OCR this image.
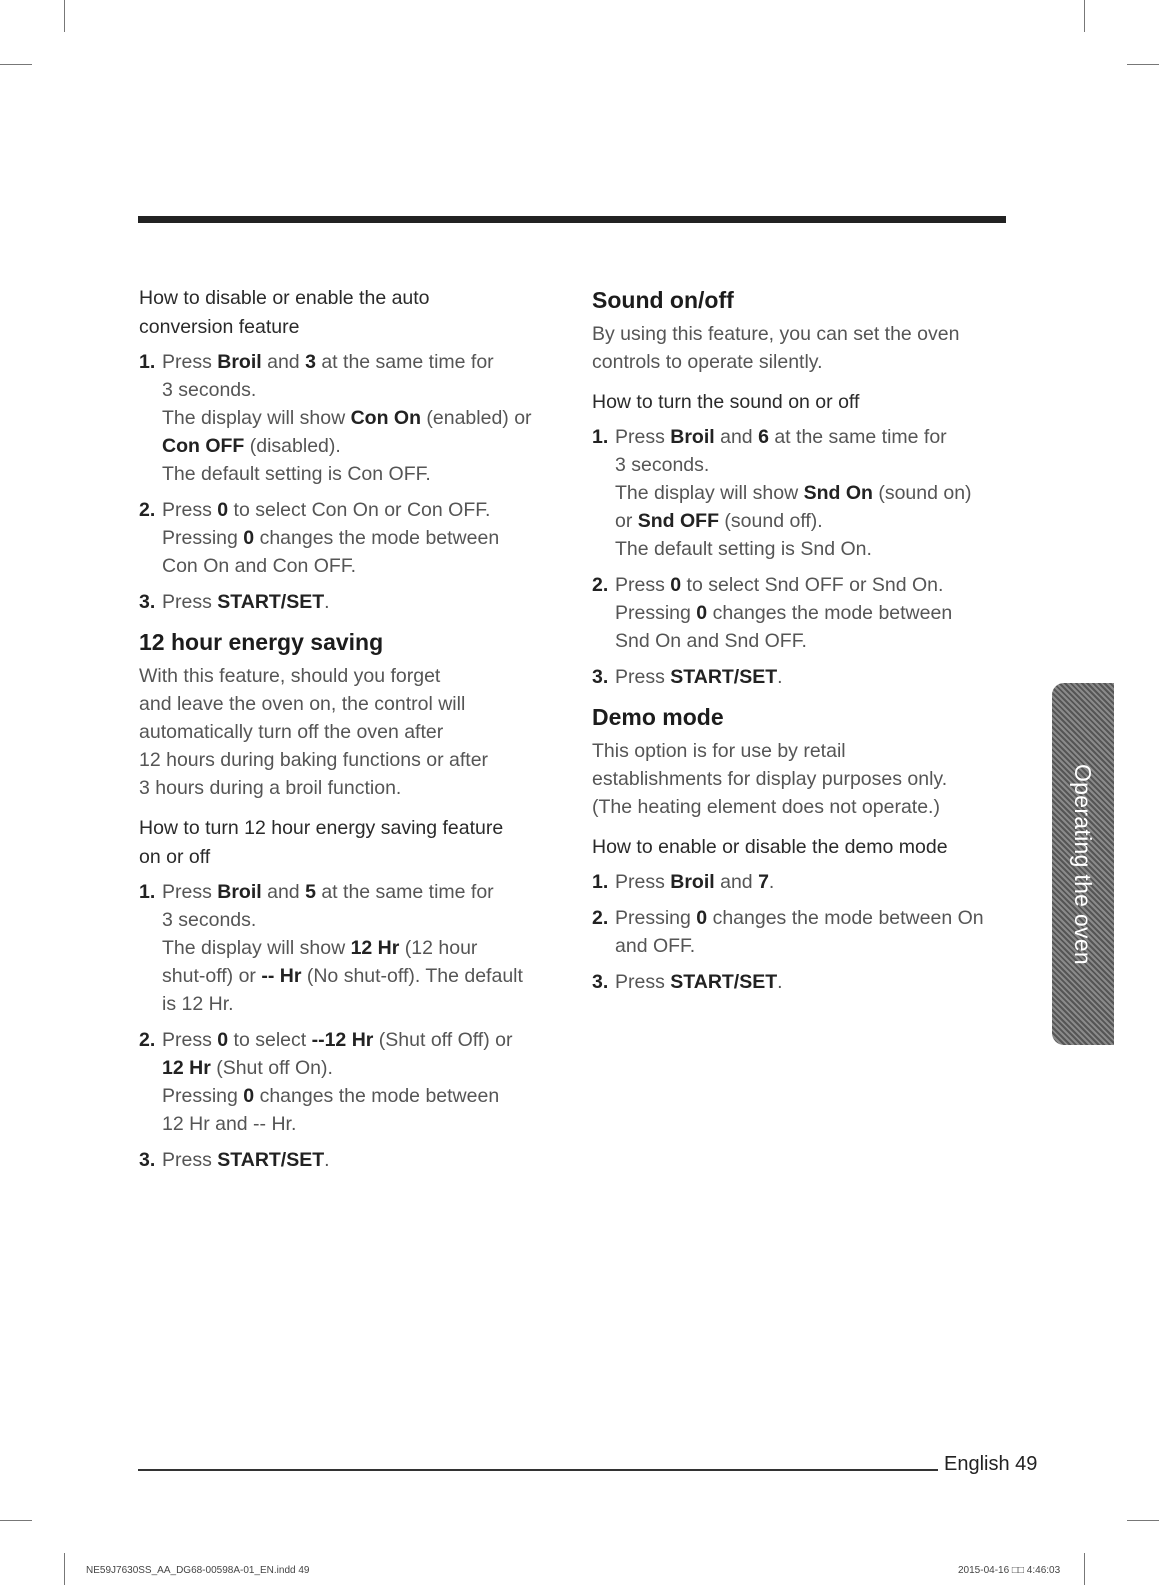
How to disable or enable the auto
conversion feature
1. Press Broil and 3 at the same time for
3 seconds.
The display will show Con On (enabled) or
Con OFF (disabled).
The default setting is Con OFF.
2. Press 0 to select Con On or Con OFF.
Pressing 0 changes the mode between
Con On and Con OFF.
3. Press START/SET.
12 hour energy saving
With this feature, should you forget
and leave the oven on, the control will
automatically turn off the oven after
12 hours during baking functions or after
3 hours during a broil function.
How to turn 12 hour energy saving feature
on or off
1. Press Broil and 5 at the same time for
3 seconds.
The display will show 12 Hr (12 hour
shut-off) or -- Hr (No shut-off). The default
is 12 Hr.
2. Press 0 to select --12 Hr (Shut off Off) or
12 Hr (Shut off On).
Pressing 0 changes the mode between
12 Hr and -- Hr.
3. Press START/SET.
Sound on/off
By using this feature, you can set the oven
controls to operate silently.
How to turn the sound on or off
1. Press Broil and 6 at the same time for
3 seconds.
The display will show Snd On (sound on)
or Snd OFF (sound off).
The default setting is Snd On.
2. Press 0 to select Snd OFF or Snd On.
Pressing 0 changes the mode between
Snd On and Snd OFF.
3. Press START/SET.
Demo mode
This option is for use by retail
establishments for display purposes only.
(The heating element does not operate.)
How to enable or disable the demo mode
1. Press Broil and 7.
2. Pressing 0 changes the mode between On
and OFF.
3. Press START/SET.
Operating the oven
English 49
NE59J7630SS_AA_DG68-00598A-01_EN.indd 49	2015-04-16 □□ 4:46:03
